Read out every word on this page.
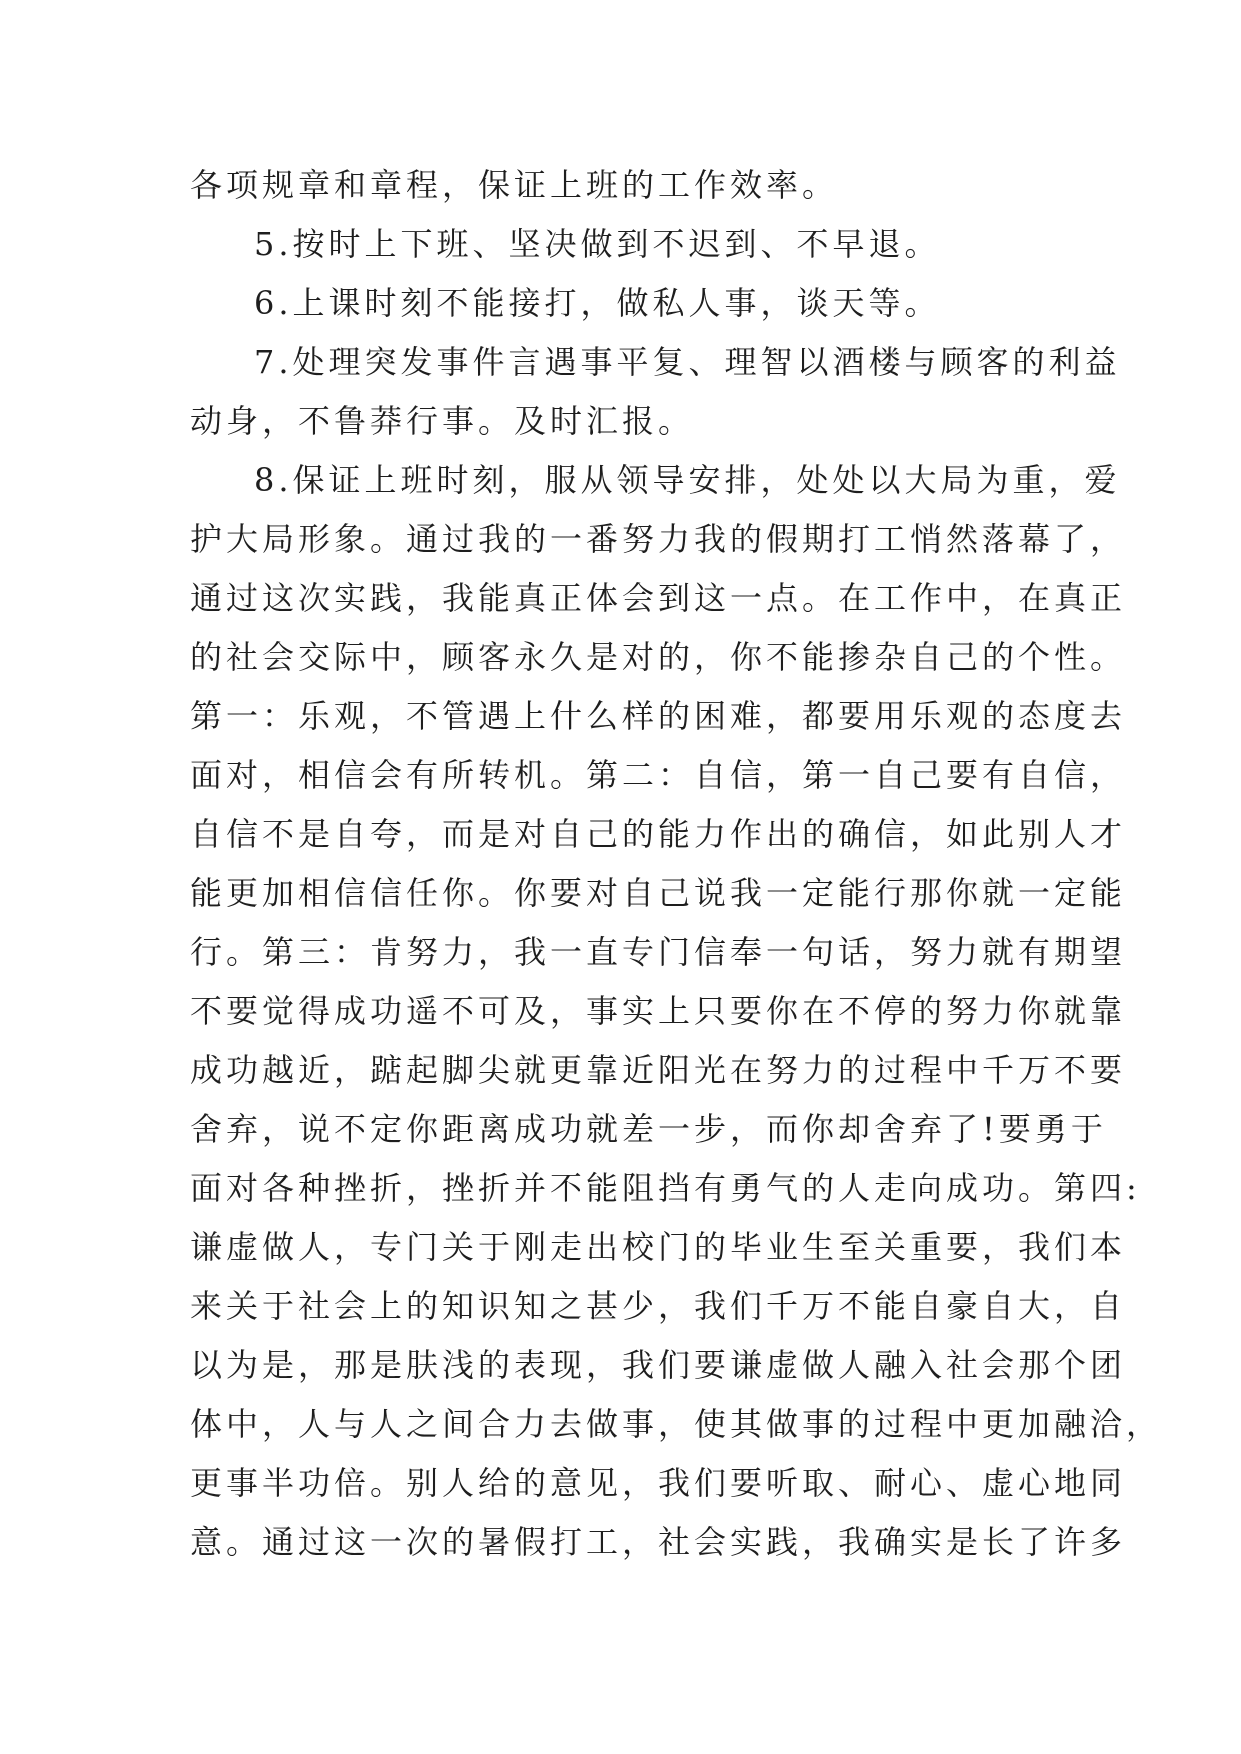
各项规章和章程，保证上班的工作效率。
5.按时上下班、坚决做到不迟到、不早退。
6.上课时刻不能接打，做私人事，谈天等。
7.处理突发事件言遇事平复、理智以酒楼与顾客的利益
动身，不鲁莽行事。及时汇报。
8.保证上班时刻，服从领导安排，处处以大局为重，爱
护大局形象。通过我的一番努力我的假期打工悄然落幕了，
通过这次实践，我能真正体会到这一点。在工作中，在真正
的社会交际中，顾客永久是对的，你不能掺杂自己的个性。
第一：乐观，不管遇上什么样的困难，都要用乐观的态度去
面对，相信会有所转机。第二：自信，第一自己要有自信，
自信不是自夸，而是对自己的能力作出的确信，如此别人才
能更加相信信任你。你要对自己说我一定能行那你就一定能
行。第三：肯努力，我一直专门信奉一句话，努力就有期望
不要觉得成功遥不可及，事实上只要你在不停的努力你就靠
成功越近，踮起脚尖就更靠近阳光在努力的过程中千万不要
舍弃，说不定你距离成功就差一步，而你却舍弃了!要勇于
面对各种挫折，挫折并不能阻挡有勇气的人走向成功。第四:
谦虚做人，专门关于刚走出校门的毕业生至关重要，我们本
来关于社会上的知识知之甚少，我们千万不能自豪自大，自
以为是，那是肤浅的表现，我们要谦虚做人融入社会那个团
体中，人与人之间合力去做事，使其做事的过程中更加融洽，
更事半功倍。别人给的意见，我们要听取、耐心、虚心地同
意。通过这一次的暑假打工，社会实践，我确实是长了许多
